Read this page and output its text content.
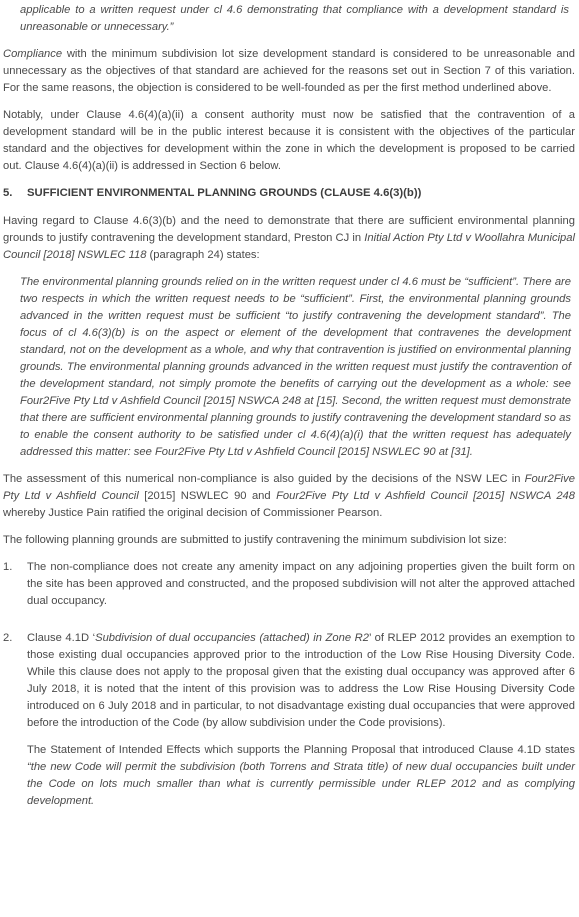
applicable to a written request under cl 4.6 demonstrating that compliance with a development standard is unreasonable or unnecessary.”

Compliance with the minimum subdivision lot size development standard is considered to be unreasonable and unnecessary as the objectives of that standard are achieved for the reasons set out in Section 7 of this variation. For the same reasons, the objection is considered to be well-founded as per the first method underlined above.

Notably, under Clause 4.6(4)(a)(ii) a consent authority must now be satisfied that the contravention of a development standard will be in the public interest because it is consistent with the objectives of the particular standard and the objectives for development within the zone in which the development is proposed to be carried out. Clause 4.6(4)(a)(ii) is addressed in Section 6 below.

5. SUFFICIENT ENVIRONMENTAL PLANNING GROUNDS (CLAUSE 4.6(3)(b))

Having regard to Clause 4.6(3)(b) and the need to demonstrate that there are sufficient environmental planning grounds to justify contravening the development standard, Preston CJ in Initial Action Pty Ltd v Woollahra Municipal Council [2018] NSWLEC 118 (paragraph 24) states:

The environmental planning grounds relied on in the written request under cl 4.6 must be “sufficient”. There are two respects in which the written request needs to be “sufficient”. First, the environmental planning grounds advanced in the written request must be sufficient “to justify contravening the development standard”. The focus of cl 4.6(3)(b) is on the aspect or element of the development that contravenes the development standard, not on the development as a whole, and why that contravention is justified on environmental planning grounds. The environmental planning grounds advanced in the written request must justify the contravention of the development standard, not simply promote the benefits of carrying out the development as a whole: see Four2Five Pty Ltd v Ashfield Council [2015] NSWCA 248 at [15]. Second, the written request must demonstrate that there are sufficient environmental planning grounds to justify contravening the development standard so as to enable the consent authority to be satisfied under cl 4.6(4)(a)(i) that the written request has adequately addressed this matter: see Four2Five Pty Ltd v Ashfield Council [2015] NSWLEC 90 at [31].

The assessment of this numerical non-compliance is also guided by the decisions of the NSW LEC in Four2Five Pty Ltd v Ashfield Council [2015] NSWLEC 90 and Four2Five Pty Ltd v Ashfield Council [2015] NSWCA 248 whereby Justice Pain ratified the original decision of Commissioner Pearson.

The following planning grounds are submitted to justify contravening the minimum subdivision lot size:

1.	The non-compliance does not create any amenity impact on any adjoining properties given the built form on the site has been approved and constructed, and the proposed subdivision will not alter the approved attached dual occupancy.

2.	Clause 4.1D ‘Subdivision of dual occupancies (attached) in Zone R2’ of RLEP 2012 provides an exemption to those existing dual occupancies approved prior to the introduction of the Low Rise Housing Diversity Code. While this clause does not apply to the proposal given that the existing dual occupancy was approved after 6 July 2018, it is noted that the intent of this provision was to address the Low Rise Housing Diversity Code introduced on 6 July 2018 and in particular, to not disadvantage existing dual occupancies that were approved before the introduction of the Code (by allow subdivision under the Code provisions).

The Statement of Intended Effects which supports the Planning Proposal that introduced Clause 4.1D states “the new Code will permit the subdivision (both Torrens and Strata title) of new dual occupancies built under the Code on lots much smaller than what is currently permissible under RLEP 2012 and as complying development.
